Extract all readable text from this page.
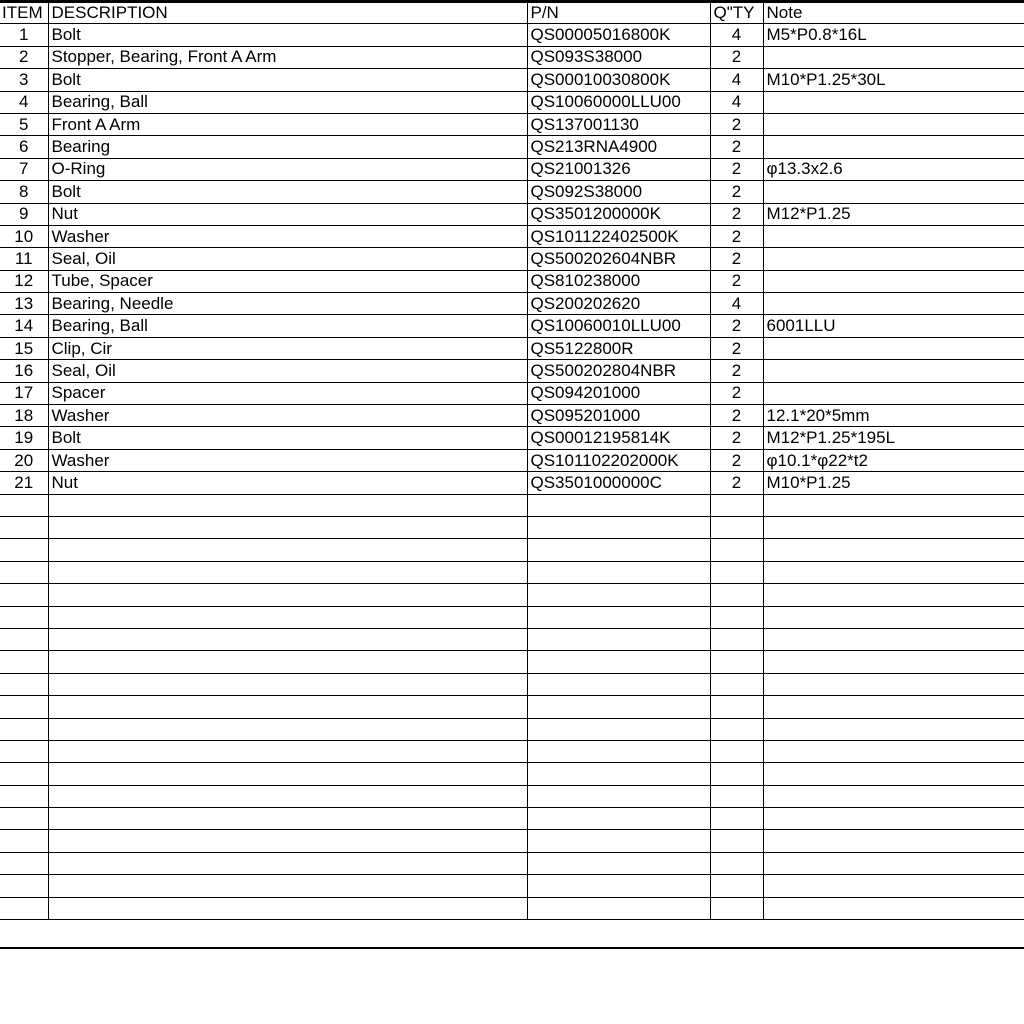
ITEM	DESCRIPTION	P/N	Q"TY	Note
1	Bolt	QS00005016800K	4	M5*P0.8*16L
2	Stopper, Bearing, Front A Arm	QS093S38000	2	
3	Bolt	QS00010030800K	4	M10*P1.25*30L
4	Bearing, Ball	QS10060000LLU00	4	
5	Front A Arm	QS137001130	2	
6	Bearing	QS213RNA4900	2	
7	O-Ring	QS21001326	2	φ13.3x2.6
8	Bolt	QS092S38000	2	
9	Nut	QS3501200000K	2	M12*P1.25
10	Washer	QS101122402500K	2	
11	Seal, Oil	QS500202604NBR	2	
12	Tube, Spacer	QS810238000	2	
13	Bearing, Needle	QS200202620	4	
14	Bearing, Ball	QS10060010LLU00	2	6001LLU
15	Clip, Cir	QS5122800R	2	
16	Seal, Oil	QS500202804NBR	2	
17	Spacer	QS094201000	2	
18	Washer	QS095201000	2	12.1*20*5mm
19	Bolt	QS00012195814K	2	M12*P1.25*195L
20	Washer	QS101102202000K	2	φ10.1*φ22*t2
21	Nut	QS3501000000C	2	M10*P1.25
